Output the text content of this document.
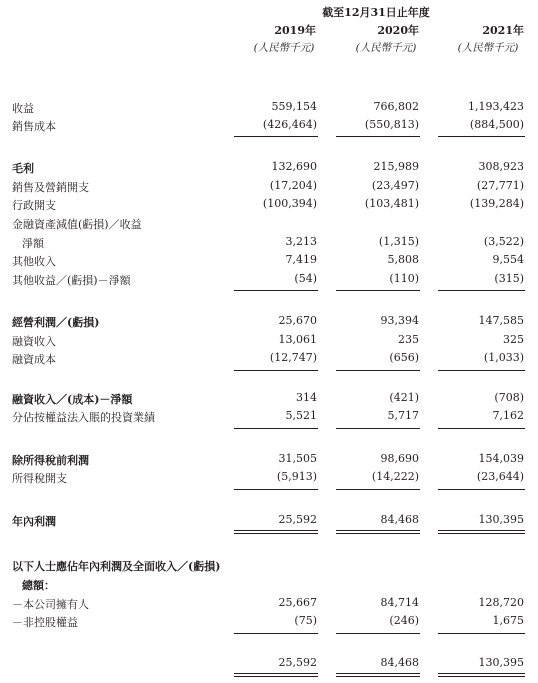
截至12月31日止年度
2019年	2020年	2021年
(人民幣千元)	(人民幣千元)	(人民幣千元)
收益	559,154	766,802	1,193,423
銷售成本	(426,464)	(550,813)	(884,500)
毛利	132,690	215,989	308,923
銷售及營銷開支	(17,204)	(23,497)	(27,771)
行政開支	(100,394)	(103,481)	(139,284)
金融資產減值(虧損)／收益
淨額	3,213	(1,315)	(3,522)
其他收入	7,419	5,808	9,554
其他收益／(虧損)－淨額	(54)	(110)	(315)
經營利潤／(虧損)	25,670	93,394	147,585
融資收入	13,061	235	325
融資成本	(12,747)	(656)	(1,033)
融資收入／(成本)－淨額	314	(421)	(708)
分佔按權益法入賬的投資業績	5,521	5,717	7,162
除所得稅前利潤	31,505	98,690	154,039
所得稅開支	(5,913)	(14,222)	(23,644)
年內利潤	25,592	84,468	130,395
以下人士應佔年內利潤及全面收入／(虧損)
總額：
－本公司擁有人	25,667	84,714	128,720
－非控股權益	(75)	(246)	1,675
25,592	84,468	130,395
